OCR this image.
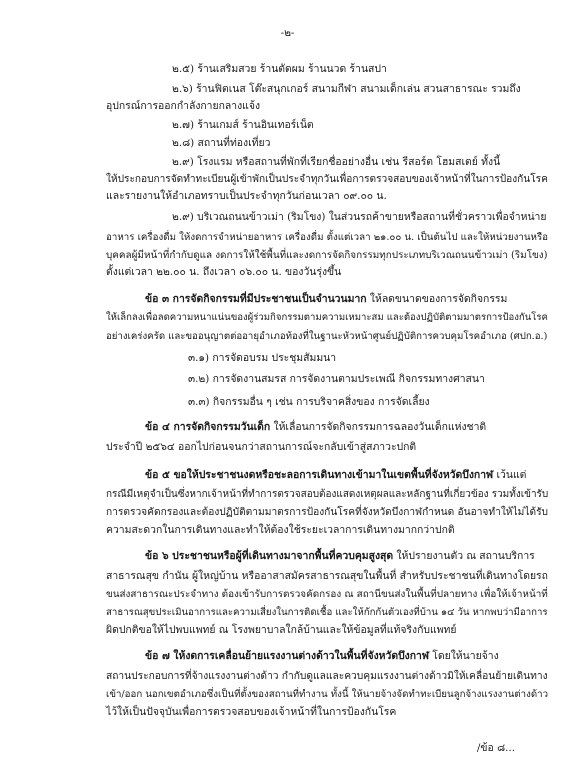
-๒-
๒.๕) ร้านเสริมสวย ร้านตัดผม ร้านนวด ร้านสปา
๒.๖) ร้านฟิตเนส โต๊ะสนุกเกอร์ สนามกีฬา สนามเด็กเล่น สวนสาธารณะ รวมถึง
อุปกรณ์การออกกำลังกายกลางแจ้ง
๒.๗) ร้านเกมส์ ร้านอินเทอร์เน็ต
๒.๘) สถานที่ท่องเที่ยว
๒.๙) โรงแรม หรือสถานที่พักที่เรียกชื่ออย่างอื่น เช่น รีสอร์ต โฮมสเตย์ ทั้งนี้
ให้ประกอบการจัดทำทะเบียนผู้เข้าพักเป็นประจำทุกวันเพื่อการตรวจสอบของเจ้าหน้าที่ในการป้องกันโรค
และรายงานให้อำเภอทราบเป็นประจำทุกวันก่อนเวลา ๐๙.๐๐ น.
๒.๙) บริเวณถนนข้าวเม่า (ริมโขง) ในส่วนรถค้าขายหรือสถานที่ชั่วคราวเพื่อจำหน่าย
อาหาร เครื่องดื่ม ให้งดการจำหน่ายอาหาร เครื่องดื่ม ตั้งแต่เวลา ๒๑.๐๐ น. เป็นต้นไป และให้หน่วยงานหรือ
บุคคลผู้มีหน้าที่กำกับดูแล งดการให้ใช้พื้นที่และงดการจัดกิจกรรมทุกประเภทบริเวณถนนข้าวเม่า (ริมโขง)
ตั้งแต่เวลา ๒๒.๐๐ น. ถึงเวลา ๐๖.๐๐ น. ของวันรุ่งขึ้น
ข้อ ๓ การจัดกิจกรรมที่มีประชาชนเป็นจำนวนมาก ให้ลดขนาดของการจัดกิจกรรม
ให้เล็กลงเพื่อลดความหนาแน่นของผู้ร่วมกิจกรรมตามความเหมาะสม และต้องปฏิบัติตามมาตรการป้องกันโรค
อย่างเคร่งครัด และขออนุญาตต่ออายุอำเภอท้องที่ในฐานะหัวหน้าศูนย์ปฏิบัติการควบคุมโรคอำเภอ (ศปก.อ.)
๓.๑) การจัดอบรม ประชุมสัมมนา
๓.๒) การจัดงานสมรส การจัดงานตามประเพณี กิจกรรมทางศาสนา
๓.๓) กิจกรรมอื่น ๆ เช่น การบริจาคสิ่งของ การจัดเลี้ยง
ข้อ ๔ การจัดกิจกรรมวันเด็ก ให้เลื่อนการจัดกิจกรรมการฉลองวันเด็กแห่งชาติ
ประจำปี ๒๕๖๔ ออกไปก่อนจนกว่าสถานการณ์จะกลับเข้าสู่สภาวะปกติ
ข้อ ๕ ขอให้ประชาชนงดหรือชะลอการเดินทางเข้ามาในเขตพื้นที่จังหวัดบึงกาฬ เว้นแต่
กรณีมีเหตุจำเป็นซึ่งหากเจ้าหน้าที่ทำการตรวจสอบต้องแสดงเหตุผลและหลักฐานที่เกี่ยวข้อง รวมทั้งเข้ารับ
การตรวจคัดกรองและต้องปฏิบัติตามมาตรการป้องกันโรคที่จังหวัดบึงกาฬกำหนด อันอาจทำให้ไม่ได้รับ
ความสะดวกในการเดินทางและทำให้ต้องใช้ระยะเวลาการเดินทางมากกว่าปกติ
ข้อ ๖ ประชาชนหรือผู้ที่เดินทางมาจากพื้นที่ควบคุมสูงสุด ให้ปรายงานตัว ณ สถานบริการ
สาธารณสุข กำนัน ผู้ใหญ่บ้าน หรืออาสาสมัครสาธารณสุขในพื้นที่ สำหรับประชาชนที่เดินทางโดยรถ
ขนส่งสาธารณะประจำทาง ต้องเข้ารับการตรวจคัดกรอง ณ สถานีขนส่งในพื้นที่ปลายทาง เพื่อให้เจ้าหน้าที่
สาธารณสุขประเมินอาการและความเสี่ยงในการติดเชื้อ และให้กักกันตัวเองที่บ้าน ๑๔ วัน หากพบว่ามีอาการ
ผิดปกติขอให้ไปพบแพทย์ ณ โรงพยาบาลใกล้บ้านและให้ข้อมูลที่แท้จริงกับแพทย์
ข้อ ๗ ให้งดการเคลื่อนย้ายแรงงานต่างด้าวในพื้นที่จังหวัดบึงกาฬ โดยให้นายจ้าง
สถานประกอบการที่จ้างแรงงานต่างด้าว กำกับดูแลและควบคุมแรงงานต่างด้าวมิให้เคลื่อนย้ายเดินทาง
เข้า/ออก นอกเขตอำเภอซึ่งเป็นที่ตั้งของสถานที่ทำงาน ทั้งนี้ ให้นายจ้างจัดทำทะเบียนลูกจ้างแรงงานต่างด้าว
ไว้ให้เป็นปัจจุบันเพื่อการตรวจสอบของเจ้าหน้าที่ในการป้องกันโรค
/ข้อ ๘...
